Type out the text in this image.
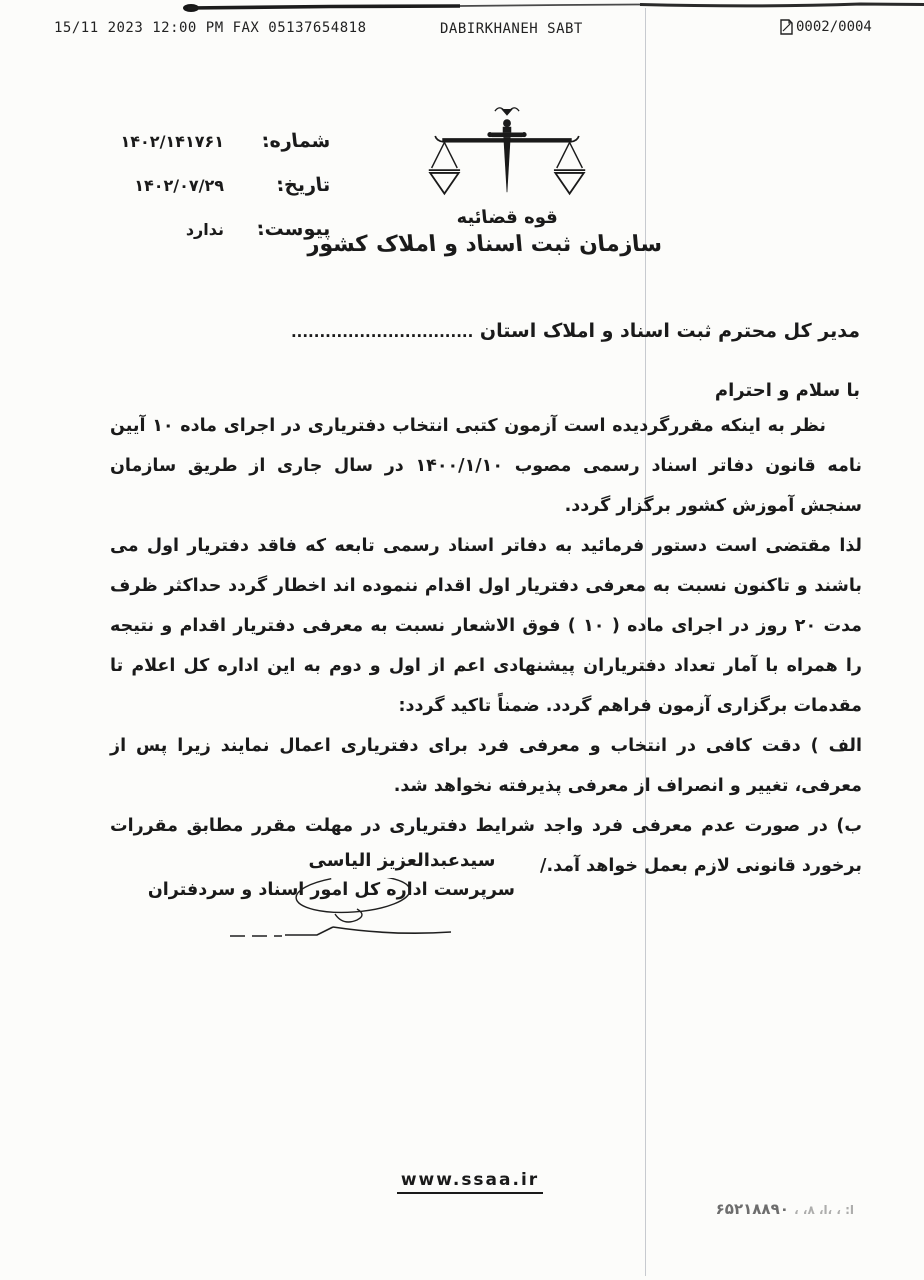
15/11 2023 12:00 PM FAX 05137654818	DABIRKHANEH SABT	0002/0004
شماره:
۱۴۰۲/۱۴۱۷۶۱
تاریخ:
۱۴۰۲/۰۷/۲۹
پیوست:
ندارد
قوه قضائیه
سازمان ثبت اسناد و املاک کشور
مدیر کل محترم ثبت اسناد و املاک استان ................................
با سلام و احترام

نظر به اینکه مقررگردیده است آزمون کتبی انتخاب دفتریاری در اجرای ماده ۱۰ آیین نامه قانون دفاتر اسناد رسمی مصوب ۱۴۰۰/۱/۱۰ در سال جاری از طریق سازمان سنجش آموزش کشور برگزار گردد.

لذا مقتضی است دستور فرمائید به دفاتر اسناد رسمی تابعه که فاقد دفتریار اول می باشند و تاکنون نسبت به معرفی دفتریار اول اقدام ننموده اند اخطار گردد حداکثر ظرف مدت ۲۰ روز در اجرای ماده ( ۱۰ ) فوق الاشعار نسبت به معرفی دفتریار اقدام و نتیجه را همراه با آمار تعداد دفتریاران پیشنهادی اعم از اول و دوم به این اداره کل اعلام تا مقدمات برگزاری آزمون فراهم گردد. ضمناً تاکید گردد:

الف ) دقت کافی در انتخاب و معرفی فرد برای دفتریاری اعمال نمایند زیرا پس از معرفی، تغییر و انصراف از معرفی پذیرفته نخواهد شد.

ب) در صورت عدم معرفی فرد واجد شرایط دفتریاری در مهلت مقرر مطابق مقررات برخورد قانونی لازم بعمل خواهد آمد./

سیدعبدالعزیز الیاسی
سرپرست اداره کل امور اسناد و سردفتران
www.ssaa.ir
۶۵۲۱۸۸۹۰ ، ،ا: ، ،ا، ٨
